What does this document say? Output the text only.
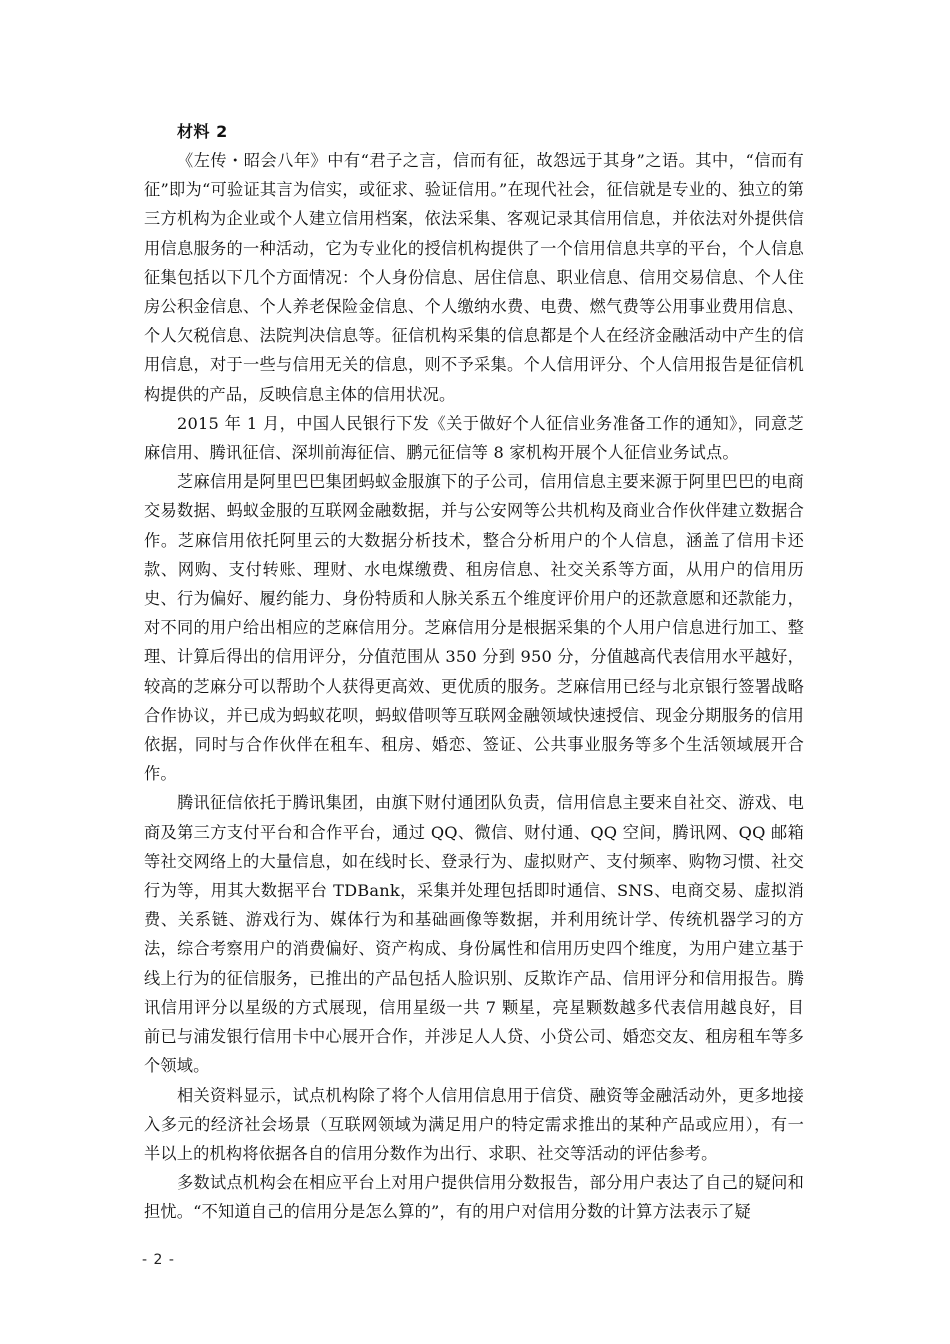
材料 2

《左传・昭会八年》中有“君子之言，信而有征，故怨远于其身”之语。其中，“信而有征”即为“可验证其言为信实，或征求、验证信用。”在现代社会，征信就是专业的、独立的第三方机构为企业或个人建立信用档案，依法采集、客观记录其信用信息，并依法对外提供信用信息服务的一种活动，它为专业化的授信机构提供了一个信用信息共享的平台，个人信息征集包括以下几个方面情况：个人身份信息、居住信息、职业信息、信用交易信息、个人住房公积金信息、个人养老保险金信息、个人缴纳水费、电费、燃气费等公用事业费用信息、个人欠税信息、法院判决信息等。征信机构采集的信息都是个人在经济金融活动中产生的信用信息，对于一些与信用无关的信息，则不予采集。个人信用评分、个人信用报告是征信机构提供的产品，反映信息主体的信用状况。

2015 年 1 月，中国人民银行下发《关于做好个人征信业务准备工作的通知》，同意芝麻信用、腾讯征信、深圳前海征信、鹏元征信等 8 家机构开展个人征信业务试点。

芝麻信用是阿里巴巴集团蚂蚁金服旗下的子公司，信用信息主要来源于阿里巴巴的电商交易数据、蚂蚁金服的互联网金融数据，并与公安网等公共机构及商业合作伙伴建立数据合作。芝麻信用依托阿里云的大数据分析技术，整合分析用户的个人信息，涵盖了信用卡还款、网购、支付转账、理财、水电煤缴费、租房信息、社交关系等方面，从用户的信用历史、行为偏好、履约能力、身份特质和人脉关系五个维度评价用户的还款意愿和还款能力，对不同的用户给出相应的芝麻信用分。芝麻信用分是根据采集的个人用户信息进行加工、整理、计算后得出的信用评分，分值范围从 350 分到 950 分，分值越高代表信用水平越好，较高的芝麻分可以帮助个人获得更高效、更优质的服务。芝麻信用已经与北京银行签署战略合作协议，并已成为蚂蚁花呗，蚂蚁借呗等互联网金融领域快速授信、现金分期服务的信用依据，同时与合作伙伴在租车、租房、婚恋、签证、公共事业服务等多个生活领域展开合作。

腾讯征信依托于腾讯集团，由旗下财付通团队负责，信用信息主要来自社交、游戏、电商及第三方支付平台和合作平台，通过 QQ、微信、财付通、QQ 空间，腾讯网、QQ 邮箱等社交网络上的大量信息，如在线时长、登录行为、虚拟财产、支付频率、购物习惯、社交行为等，用其大数据平台 TDBank，采集并处理包括即时通信、SNS、电商交易、虚拟消费、关系链、游戏行为、媒体行为和基础画像等数据，并利用统计学、传统机器学习的方法，综合考察用户的消费偏好、资产构成、身份属性和信用历史四个维度，为用户建立基于线上行为的征信服务，已推出的产品包括人脸识别、反欺诈产品、信用评分和信用报告。腾讯信用评分以星级的方式展现，信用星级一共 7 颗星，亮星颗数越多代表信用越良好，目前已与浦发银行信用卡中心展开合作，并涉足人人贷、小贷公司、婚恋交友、租房租车等多个领域。

相关资料显示，试点机构除了将个人信用信息用于信贷、融资等金融活动外，更多地接入多元的经济社会场景（互联网领域为满足用户的特定需求推出的某种产品或应用），有一半以上的机构将依据各自的信用分数作为出行、求职、社交等活动的评估参考。

多数试点机构会在相应平台上对用户提供信用分数报告，部分用户表达了自己的疑问和担忧。“不知道自己的信用分是怎么算的”，有的用户对信用分数的计算方法表示了疑

- 2 -
